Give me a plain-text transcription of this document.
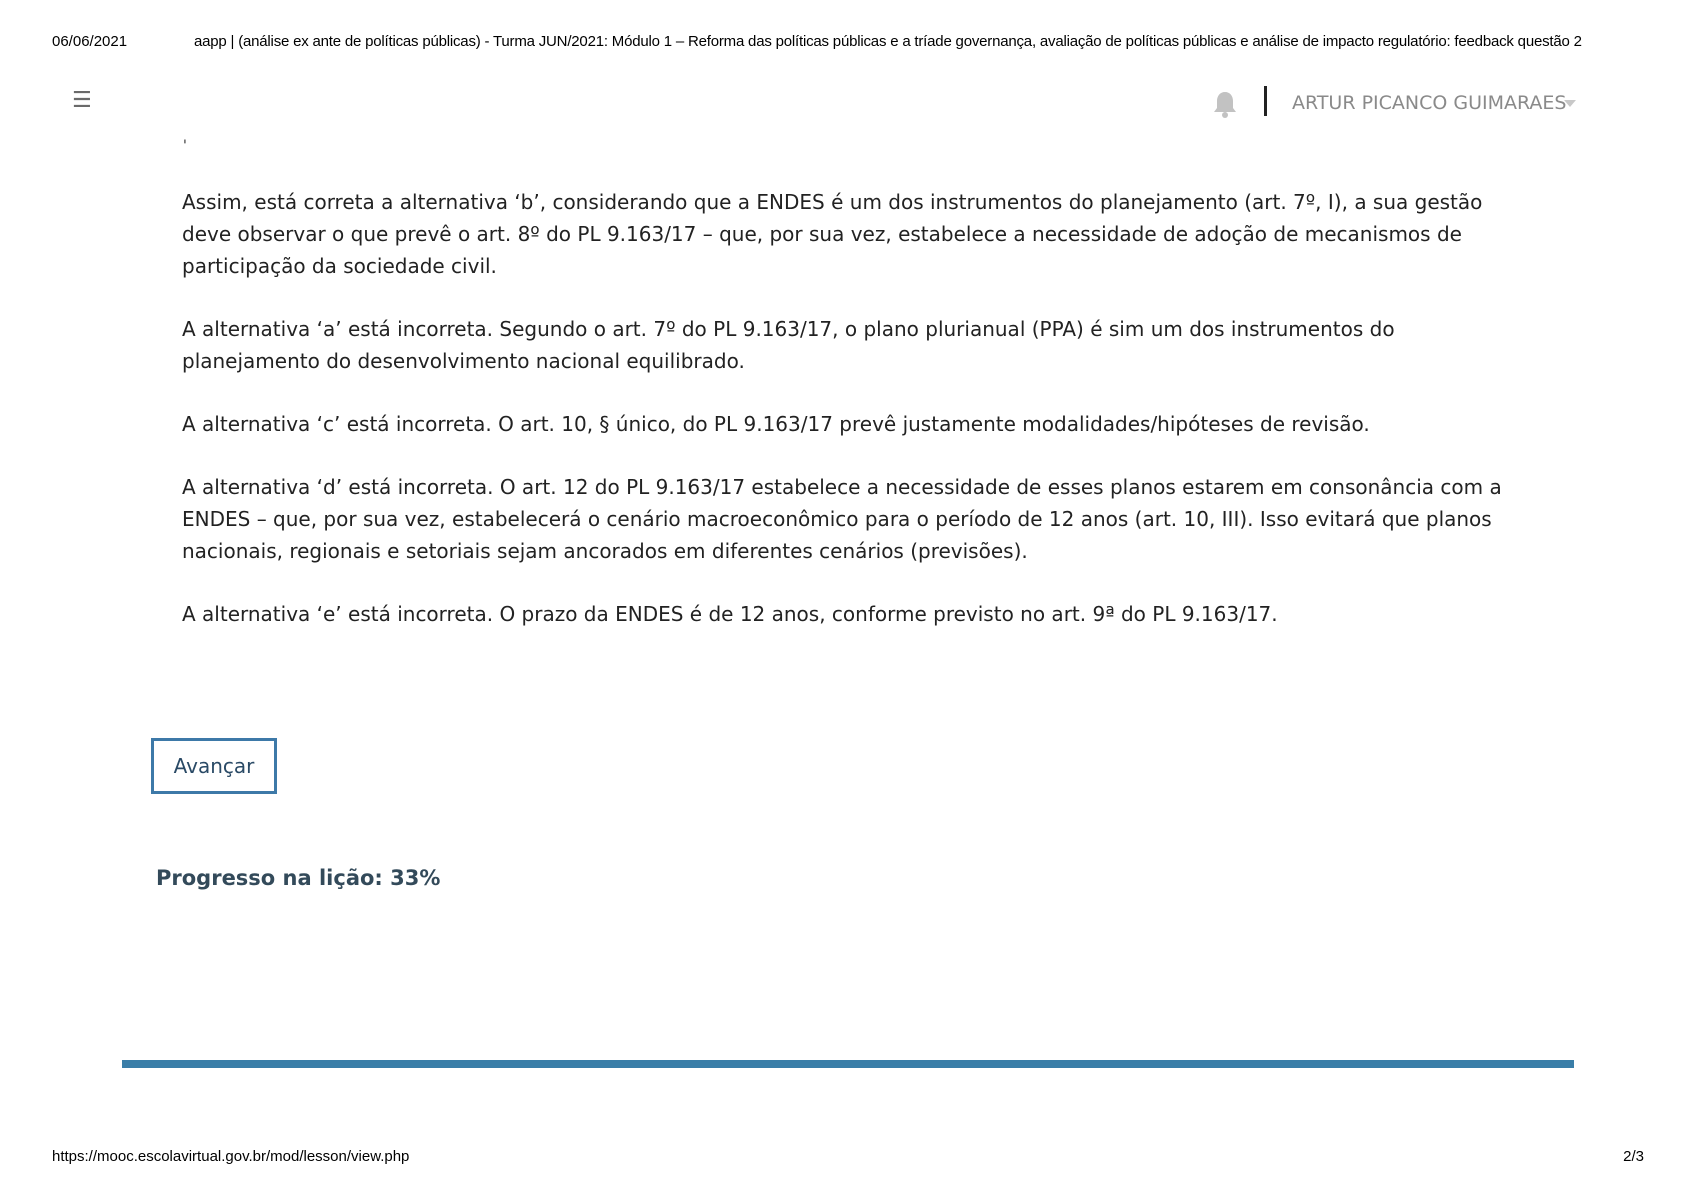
06/06/2021	aapp | (análise ex ante de políticas públicas) - Turma JUN/2021: Módulo 1 – Reforma das políticas públicas e a tríade governança, avaliação de políticas públicas e análise de impacto regulatório: feedback questão 2
☰	ARTUR PICANCO GUIMARAES
'

Assim, está correta a alternativa ‘b’, considerando que a ENDES é um dos instrumentos do planejamento (art. 7º, I), a sua gestão deve observar o que prevê o art. 8º do PL 9.163/17 – que, por sua vez, estabelece a necessidade de adoção de mecanismos de participação da sociedade civil.

A alternativa ‘a’ está incorreta. Segundo o art. 7º do PL 9.163/17, o plano plurianual (PPA) é sim um dos instrumentos do planejamento do desenvolvimento nacional equilibrado.

A alternativa ‘c’ está incorreta. O art. 10, § único, do PL 9.163/17 prevê justamente modalidades/hipóteses de revisão.

A alternativa ‘d’ está incorreta. O art. 12 do PL 9.163/17 estabelece a necessidade de esses planos estarem em consonância com a ENDES – que, por sua vez, estabelecerá o cenário macroeconômico para o período de 12 anos (art. 10, III). Isso evitará que planos nacionais, regionais e setoriais sejam ancorados em diferentes cenários (previsões).

A alternativa ‘e’ está incorreta. O prazo da ENDES é de 12 anos, conforme previsto no art. 9ª do PL 9.163/17.

Avançar
Progresso na lição: 33%
https://mooc.escolavirtual.gov.br/mod/lesson/view.php	2/3
